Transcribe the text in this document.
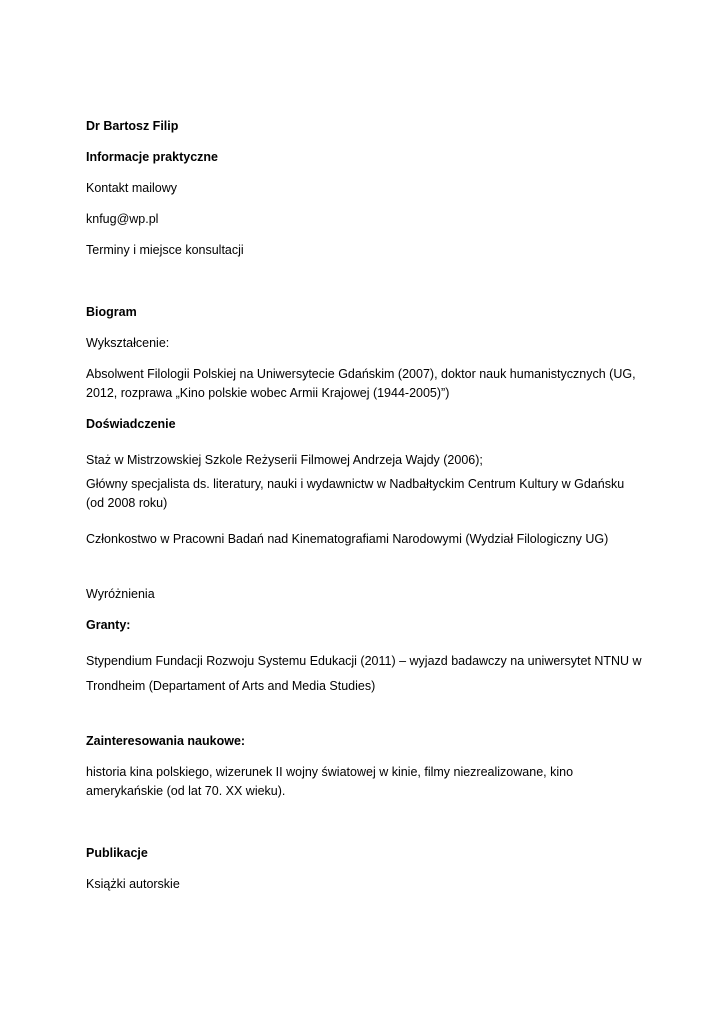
Dr Bartosz Filip
Informacje praktyczne
Kontakt mailowy
knfug@wp.pl
Terminy i miejsce konsultacji
Biogram
Wykształcenie:
Absolwent Filologii Polskiej na Uniwersytecie Gdańskim (2007), doktor nauk humanistycznych (UG,
2012, rozprawa „Kino polskie wobec Armii Krajowej (1944-2005)”)
Doświadczenie
Staż w Mistrzowskiej Szkole Reżyserii Filmowej Andrzeja Wajdy (2006);
Główny specjalista ds. literatury, nauki i wydawnictw w Nadbałtyckim Centrum Kultury w Gdańsku
(od 2008 roku)
Członkostwo w Pracowni Badań nad Kinematografiami Narodowymi (Wydział Filologiczny UG)
Wyróżnienia
Granty:
Stypendium Fundacji Rozwoju Systemu Edukacji (2011) – wyjazd badawczy na uniwersytet NTNU w
Trondheim (Departament of Arts and Media Studies)
Zainteresowania naukowe:
historia kina polskiego, wizerunek II wojny światowej w kinie, filmy niezrealizowane, kino
amerykańskie (od lat 70. XX wieku).
Publikacje
Książki autorskie
